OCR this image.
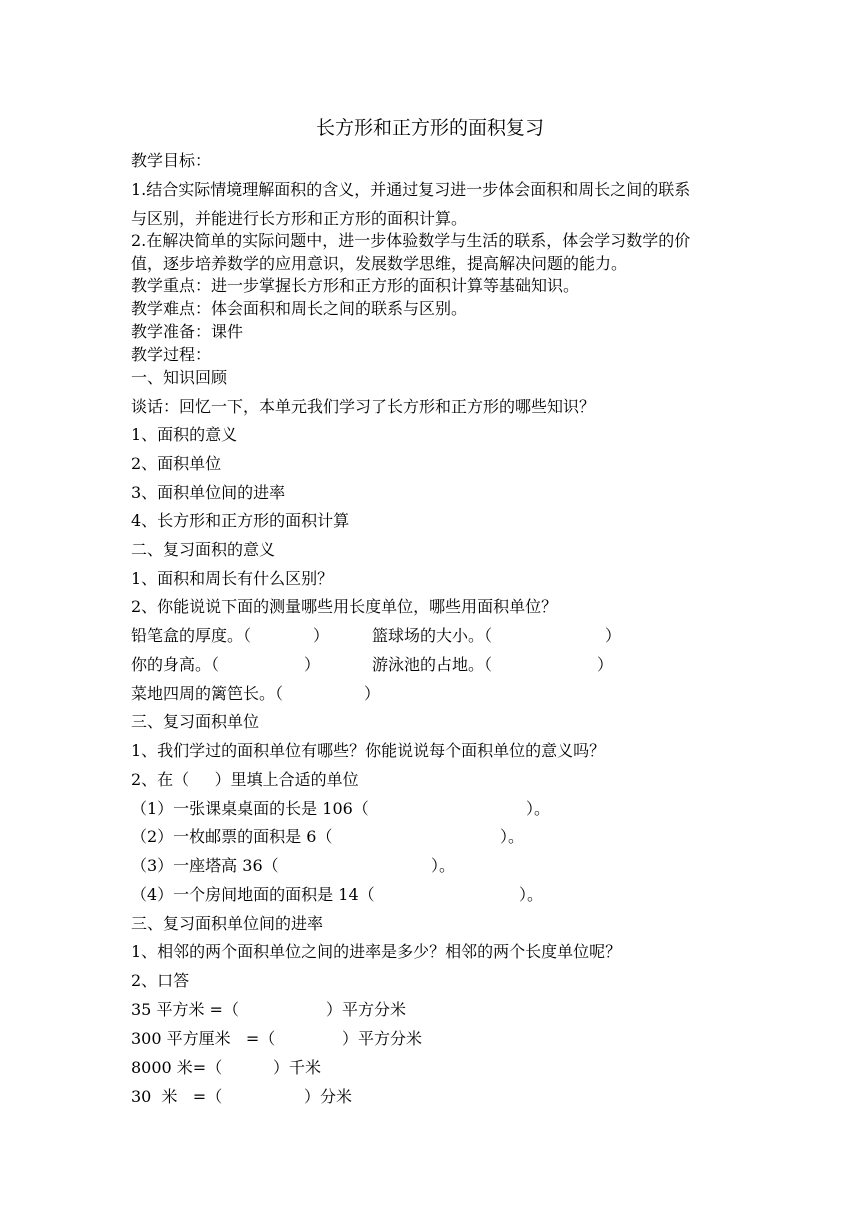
长方形和正方形的面积复习
教学目标：
1.结合实际情境理解面积的含义，并通过复习进一步体会面积和周长之间的联系
与区别，并能进行长方形和正方形的面积计算。
2.在解决简单的实际问题中，进一步体验数学与生活的联系，体会学习数学的价
值，逐步培养数学的应用意识，发展数学思维，提高解决问题的能力。
教学重点：进一步掌握长方形和正方形的面积计算等基础知识。
教学难点：体会面积和周长之间的联系与区别。
教学准备：课件
教学过程：
一、知识回顾
谈话：回忆一下，本单元我们学习了长方形和正方形的哪些知识？
1、面积的意义
2、面积单位
3、面积单位间的进率
4、长方形和正方形的面积计算
二、复习面积的意义
1、面积和周长有什么区别？
2、你能说说下面的测量哪些用长度单位，哪些用面积单位？
铅笔盒的厚度。（	）	篮球场的大小。（	）
你的身高。（	）	游泳池的占地。（	）
菜地四周的篱笆长。（	）
三、复习面积单位
1、我们学过的面积单位有哪些？你能说说每个面积单位的意义吗？
2、在（     ）里填上合适的单位
（1）一张课桌桌面的长是 106（	）。
（2）一枚邮票的面积是 6（	）。
（3）一座塔高 36（	）。
（4）一个房间地面的面积是 14（	）。
三、复习面积单位间的进率
1、相邻的两个面积单位之间的进率是多少？相邻的两个长度单位呢？
2、口答
35 平方米 =（	）平方分米
300 平方厘米   =（	）平方分米
8000 米=（	）千米
30  米   =（	）分米
